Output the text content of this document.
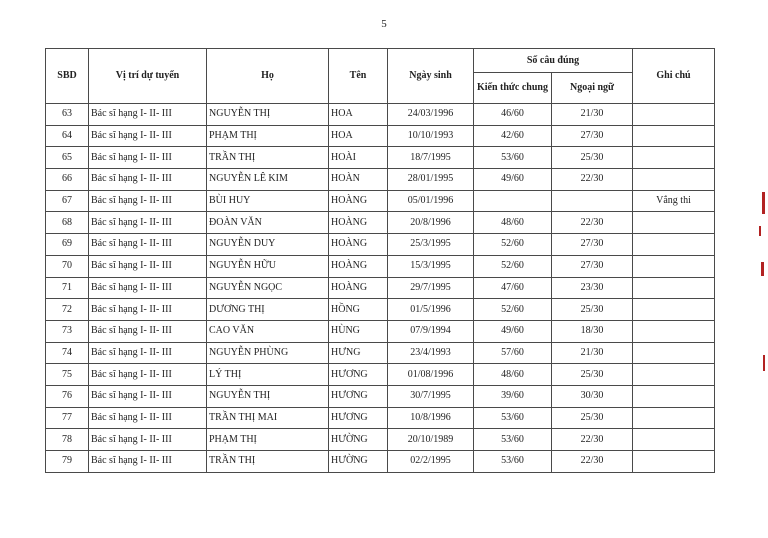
5
SBD	Vị trí dự tuyển	Họ	Tên	Ngày sinh	Số câu đúng		Ghi chú
					Kiến thức chung	Ngoại ngữ	
63	Bác sĩ hạng I- II- III	NGUYỄN THỊ	HOA	24/03/1996	46/60	21/30	
64	Bác sĩ hạng I- II- III	PHẠM THỊ	HOA	10/10/1993	42/60	27/30	
65	Bác sĩ hạng I- II- III	TRẦN THỊ	HOÀI	18/7/1995	53/60	25/30	
66	Bác sĩ hạng I- II- III	NGUYỄN LÊ KIM	HOÀN	28/01/1995	49/60	22/30	
67	Bác sĩ hạng I- II- III	BÙI HUY	HOÀNG	05/01/1996			Vắng thi
68	Bác sĩ hạng I- II- III	ĐOÀN VĂN	HOÀNG	20/8/1996	48/60	22/30	
69	Bác sĩ hạng I- II- III	NGUYỄN DUY	HOÀNG	25/3/1995	52/60	27/30	
70	Bác sĩ hạng I- II- III	NGUYỄN HỮU	HOÀNG	15/3/1995	52/60	27/30	
71	Bác sĩ hạng I- II- III	NGUYỄN NGỌC	HOÀNG	29/7/1995	47/60	23/30	
72	Bác sĩ hạng I- II- III	DƯƠNG THỊ	HỒNG	01/5/1996	52/60	25/30	
73	Bác sĩ hạng I- II- III	CAO VĂN	HÙNG	07/9/1994	49/60	18/30	
74	Bác sĩ hạng I- II- III	NGUYỄN PHÙNG	HƯNG	23/4/1993	57/60	21/30	
75	Bác sĩ hạng I- II- III	LÝ THỊ	HƯƠNG	01/08/1996	48/60	25/30	
76	Bác sĩ hạng I- II- III	NGUYỄN THỊ	HƯƠNG	30/7/1995	39/60	30/30	
77	Bác sĩ hạng I- II- III	TRẦN THỊ MAI	HƯƠNG	10/8/1996	53/60	25/30	
78	Bác sĩ hạng I- II- III	PHẠM THỊ	HƯỜNG	20/10/1989	53/60	22/30	
79	Bác sĩ hạng I- II- III	TRẦN THỊ	HƯỜNG	02/2/1995	53/60	22/30	
